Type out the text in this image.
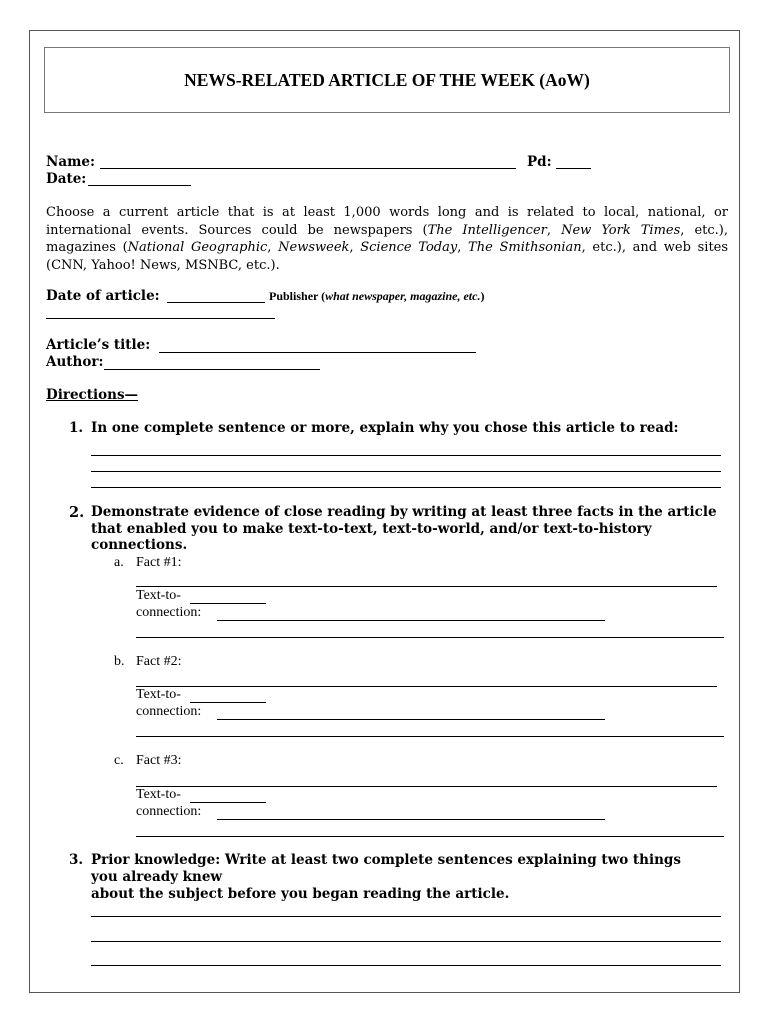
NEWS-RELATED ARTICLE OF THE WEEK (AoW)
Name:	Pd:
Date:
Choose a current article that is at least 1,000 words long and is related to local, national, or international events. Sources could be newspapers (The Intelligencer, New York Times, etc.), magazines (National Geographic, Newsweek, Science Today, The Smithsonian, etc.), and web sites (CNN, Yahoo! News, MSNBC, etc.).
Date of article:	Publisher (what newspaper, magazine, etc.)
Article’s title:
Author:
Directions—
1. In one complete sentence or more, explain why you chose this article to read:
2. Demonstrate evidence of close reading by writing at least three facts in the article that enabled you to make text-to-text, text-to-world, and/or text-to-history connections.
a. Fact #1:
Text-to-
connection:
b. Fact #2:
Text-to-
connection:
c. Fact #3:
Text-to-
connection:
3. Prior knowledge: Write at least two complete sentences explaining two things you already knew
about the subject before you began reading the article.
